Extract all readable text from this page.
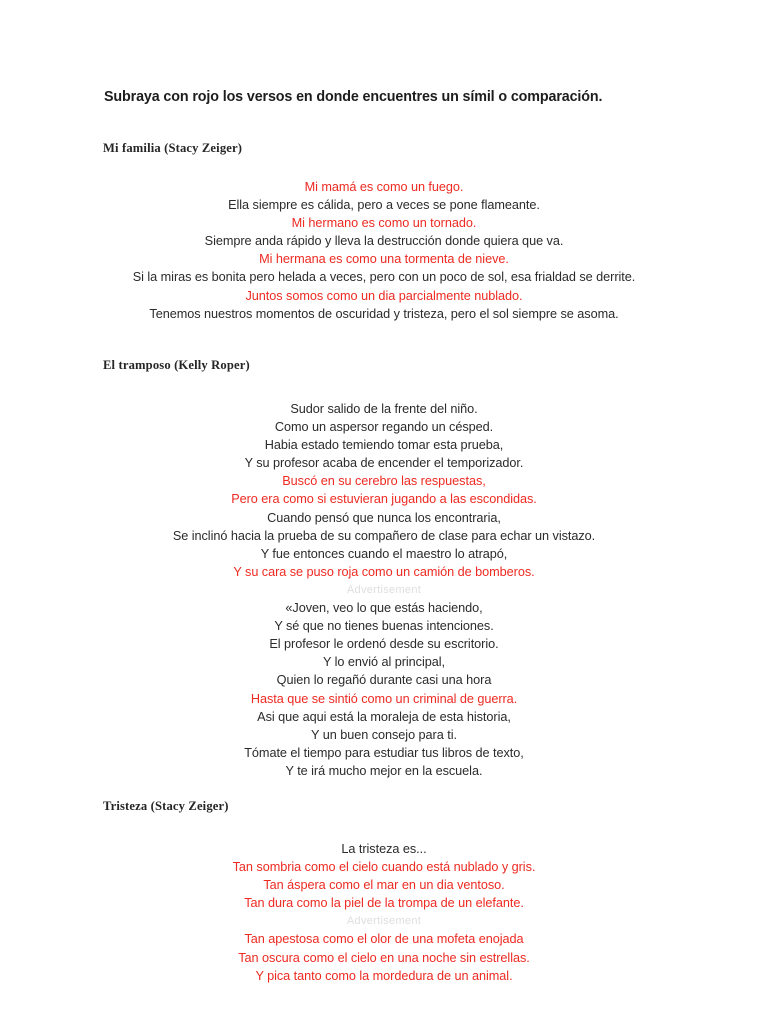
Subraya con rojo los versos en donde encuentres un símil o comparación.
Mi familia (Stacy Zeiger)
Mi mamá es como un fuego.
Ella siempre es cálida, pero a veces se pone flameante.
Mi hermano es como un tornado.
Siempre anda rápido y lleva la destrucción donde quiera que va.
Mi hermana es como una tormenta de nieve.
Si la miras es bonita pero helada a veces, pero con un poco de sol, esa frialdad se derrite.
Juntos somos como un dia parcialmente nublado.
Tenemos nuestros momentos de oscuridad y tristeza, pero el sol siempre se asoma.
El tramposo (Kelly Roper)
Sudor salido de la frente del niño.
Como un aspersor regando un césped.
Habia estado temiendo tomar esta prueba,
Y su profesor acaba de encender el temporizador.
Buscó en su cerebro las respuestas,
Pero era como si estuvieran jugando a las escondidas.
Cuando pensó que nunca los encontraria,
Se inclinó hacia la prueba de su compañero de clase para echar un vistazo.
Y fue entonces cuando el maestro lo atrapó,
Y su cara se puso roja como un camión de bomberos.
Advertisement
«Joven, veo lo que estás haciendo,
Y sé que no tienes buenas intenciones.
El profesor le ordenó desde su escritorio.
Y lo envió al principal,
Quien lo regañó durante casi una hora
Hasta que se sintió como un criminal de guerra.
Asi que aqui está la moraleja de esta historia,
Y un buen consejo para ti.
Tómate el tiempo para estudiar tus libros de texto,
Y te irá mucho mejor en la escuela.
Tristeza (Stacy Zeiger)
La tristeza es...
Tan sombria como el cielo cuando está nublado y gris.
Tan áspera como el mar en un dia ventoso.
Tan dura como la piel de la trompa de un elefante.
Advertisement
Tan apestosa como el olor de una mofeta enojada
Tan oscura como el cielo en una noche sin estrellas.
Y pica tanto como la mordedura de un animal.
